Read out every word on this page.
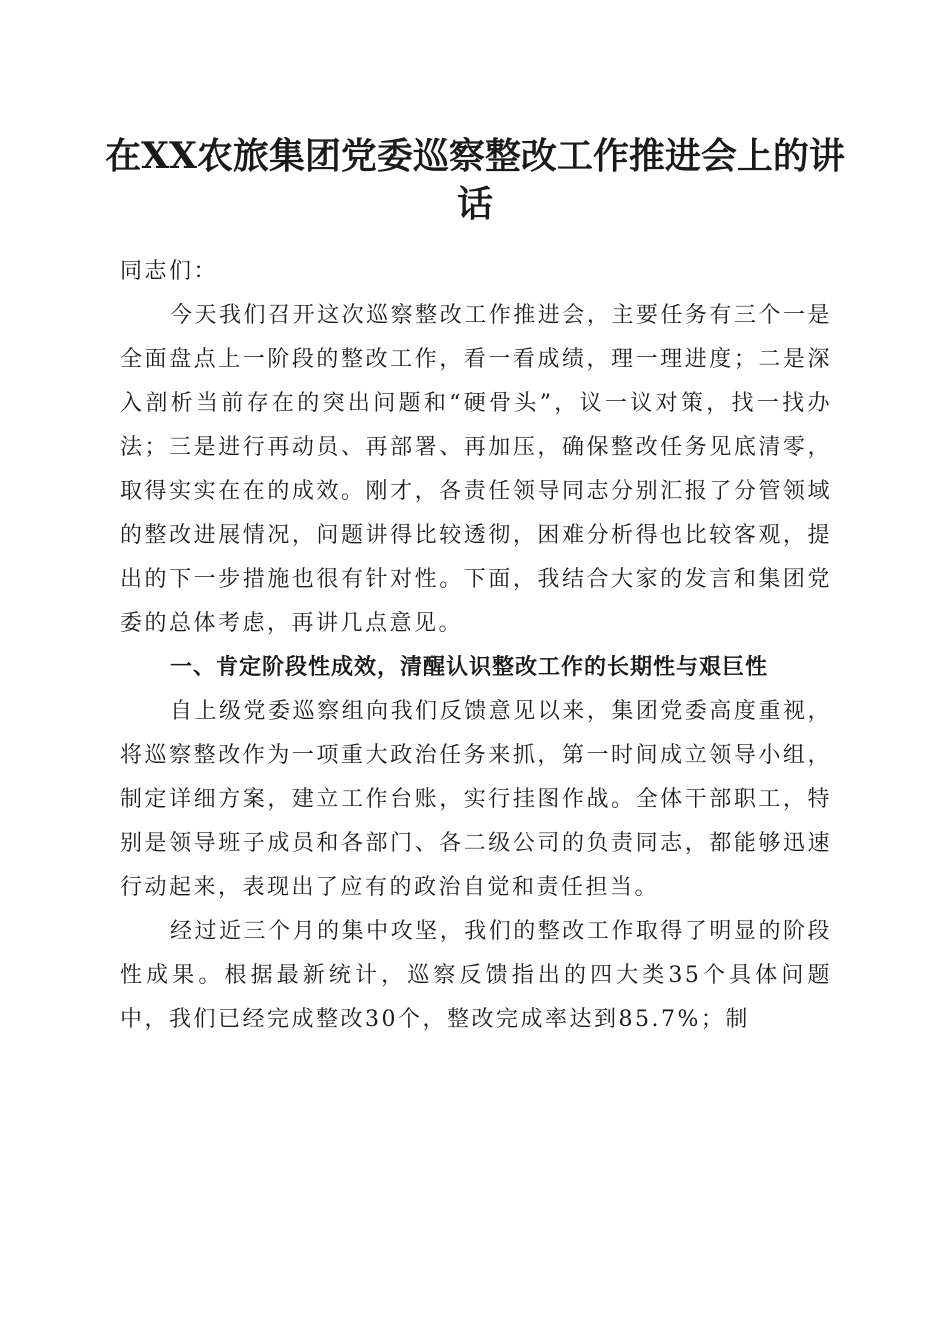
在XX农旅集团党委巡察整改工作推进会上的讲话

同志们：

今天我们召开这次巡察整改工作推进会，主要任务有三个一是全面盘点上一阶段的整改工作，看一看成绩，理一理进度；二是深入剖析当前存在的突出问题和“硬骨头”，议一议对策，找一找办法；三是进行再动员、再部署、再加压，确保整改任务见底清零，取得实实在在的成效。刚才，各责任领导同志分别汇报了分管领域的整改进展情况，问题讲得比较透彻，困难分析得也比较客观，提出的下一步措施也很有针对性。下面，我结合大家的发言和集团党委的总体考虑，再讲几点意见。

一、肯定阶段性成效，清醒认识整改工作的长期性与艰巨性

自上级党委巡察组向我们反馈意见以来，集团党委高度重视，将巡察整改作为一项重大政治任务来抓，第一时间成立领导小组，制定详细方案，建立工作台账，实行挂图作战。全体干部职工，特别是领导班子成员和各部门、各二级公司的负责同志，都能够迅速行动起来，表现出了应有的政治自觉和责任担当。

经过近三个月的集中攻坚，我们的整改工作取得了明显的阶段性成果。根据最新统计，巡察反馈指出的四大类35个具体问题中，我们已经完成整改30个，整改完成率达到85.7%；制
